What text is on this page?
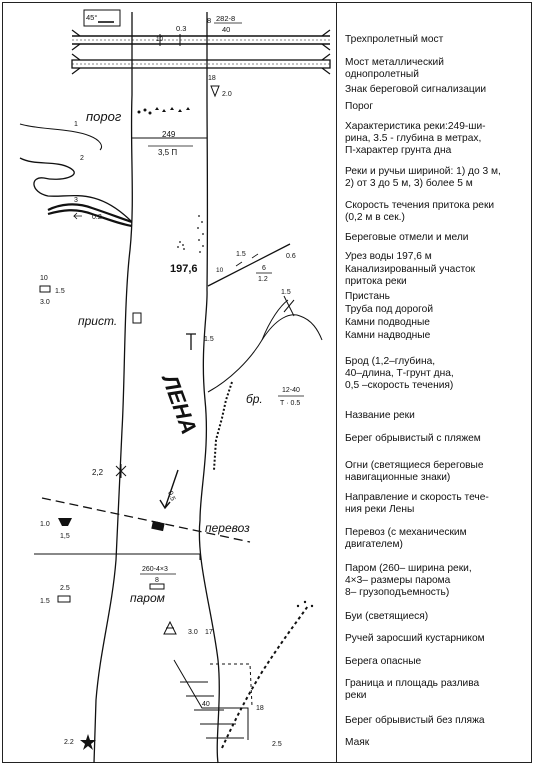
45°
0.3
10
8 282-8
40
18
2.0
порог
249
3,5 П
1
2
3
0.2
197,6	10
1.5	0.6
6
1.2
10
1.5
3.0
прист.
1.5
1.5
ЛЕНА	бр.
12-40
Т · 0.5
2,2
0.5
перевоз
1.0
1,5
260-4×3
8
паром
2.5
1.5
3.0 17
40
18
2.5
2.2
Трехпролетный мост
Мост металлический
однопролетный
Знак береговой сигнализации
Порог
Характеристика реки:249-ши-
рина, 3.5 - глубина в метрах,
П-характер грунта дна
Реки и ручьи шириной: 1) до 3 м,
2) от 3 до 5 м, 3) более 5 м
Скорость течения притока реки
(0,2 м в сек.)
Береговые отмели и мели
Урез воды 197,6 м
Канализированный участок
притока реки
Пристань
Труба под дорогой
Камни подводные
Камни надводные
Брод (1,2–глубина,
40–длина, Т-грунт дна,
0,5 –скорость течения)
Название реки
Берег обрывистый с пляжем
Огни (светящиеся береговые
навигационные знаки)
Направление и скорость тече-
ния реки Лены
Перевоз (с механическим
двигателем)
Паром (260– ширина реки,
4×3– размеры парома
8– грузоподъемность)
Буи (светящиеся)
Ручей заросший кустарником
Берега опасные
Граница и площадь разлива
реки
Берег обрывистый без пляжа
Маяк
